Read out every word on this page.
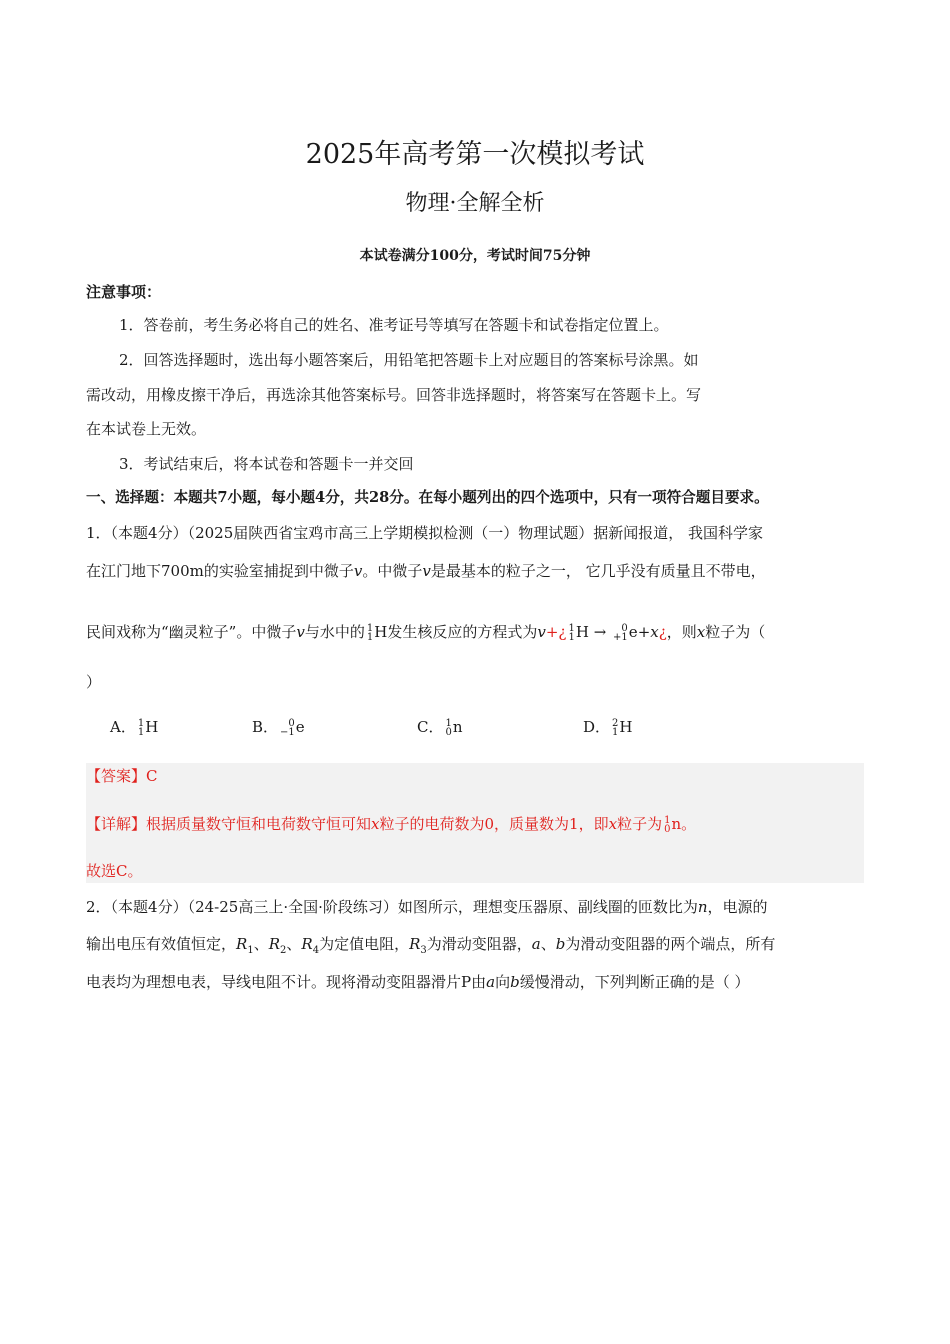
2025年高考第一次模拟考试
物理·全解全析
本试卷满分100分，考试时间75分钟
注意事项：
1．答卷前，考生务必将自己的姓名、准考证号等填写在答题卡和试卷指定位置上。
2．回答选择题时，选出每小题答案后，用铅笔把答题卡上对应题目的答案标号涂黑。如
需改动，用橡皮擦干净后，再选涂其他答案标号。回答非选择题时，将答案写在答题卡上。写
在本试卷上无效。
3．考试结束后，将本试卷和答题卡一并交回
一、选择题：本题共7小题，每小题4分，共28分。在每小题列出的四个选项中，只有一项符合题目要求。
1．（本题4分）（2025届陕西省宝鸡市高三上学期模拟检测（一）物理试题）据新闻报道， 我国科学家
在江门地下700m的实验室捕捉到中微子v。中微子v是最基本的粒子之一， 它几乎没有质量且不带电，
民间戏称为“幽灵粒子”。中微子v与水中的 1
1 H发生核反应的方程式为v+¿ 1
1 H →	0
+1 e+x¿，则x粒子为（
）
A． 1
1 H	B．	0
−1 e	C． 1
0 n	D． 2
1 H
【答案】C
【详解】根据质量数守恒和电荷数守恒可知x粒子的电荷数为0，质量数为1，即x粒子为 1
0 n。
故选C。
2．（本题4分）（24-25高三上·全国·阶段练习）如图所示，理想变压器原、副线圈的匝数比为n，电源的
输出电压有效值恒定，$R_1$、$R_2$、$R_4$为定值电阻，$R_3$为滑动变阻器，a、b为滑动变阻器的两个端点，所有
电表均为理想电表，导线电阻不计。现将滑动变阻器滑片P由a向b缓慢滑动，下列判断正确的是（ ）
